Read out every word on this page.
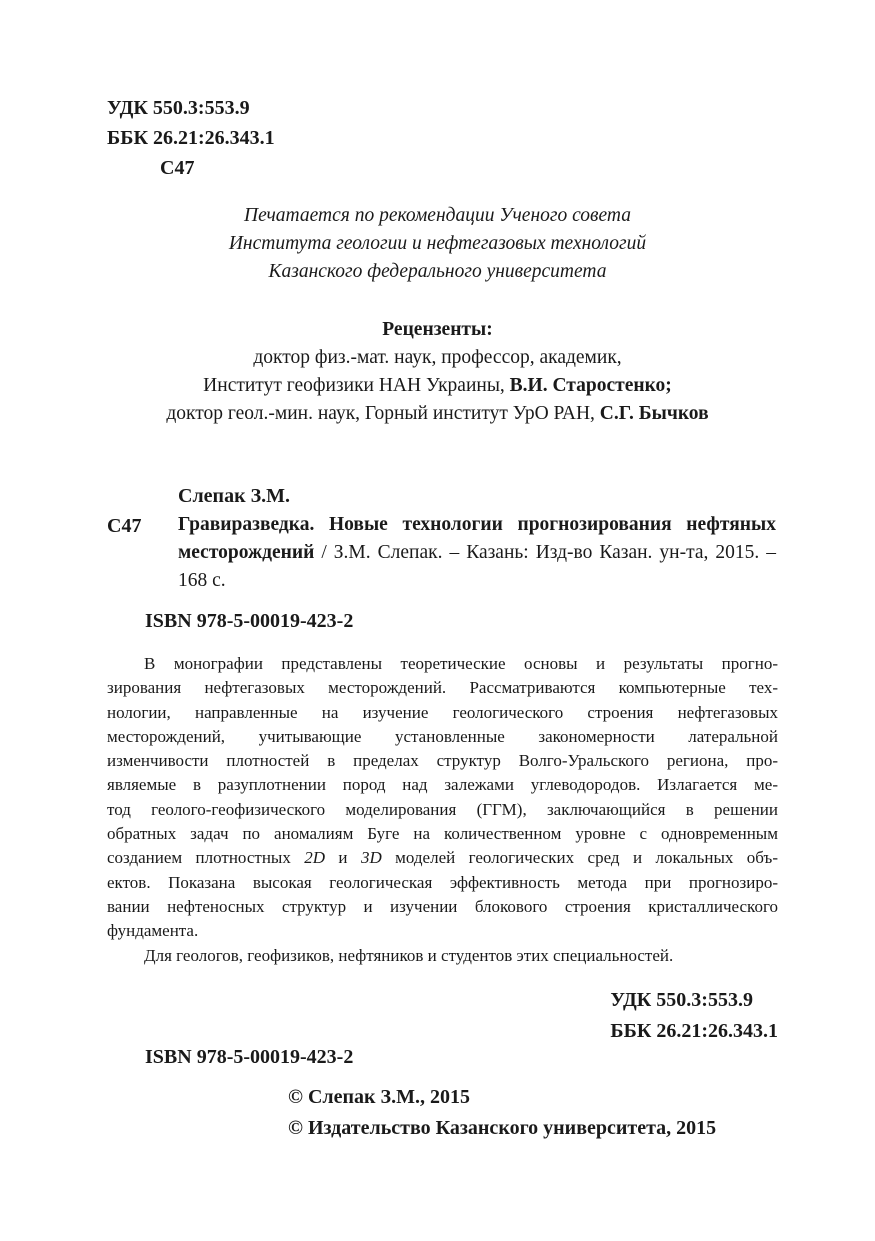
УДК 550.3:553.9
ББК 26.21:26.343.1
С47
Печатается по рекомендации Ученого совета
Института геологии и нефтегазовых технологий
Казанского федерального университета
Рецензенты:
доктор физ.-мат. наук, профессор, академик,
Институт геофизики НАН Украины, В.И. Старостенко;
доктор геол.-мин. наук, Горный институт УрО РАН, С.Г. Бычков
Слепак З.М.
С47 Гравиразведка. Новые технологии прогнозирования нефтяных месторождений / З.М. Слепак. – Казань: Изд-во Казан. ун-та, 2015. – 168 с.
ISBN 978-5-00019-423-2
В монографии представлены теоретические основы и результаты прогно-
зирования нефтегазовых месторождений. Рассматриваются компьютерные тех-
нологии, направленные на изучение геологического строения нефтегазовых
месторождений, учитывающие установленные закономерности латеральной
изменчивости плотностей в пределах структур Волго-Уральского региона, про-
являемые в разуплотнении пород над залежами углеводородов. Излагается ме-
тод геолого-геофизического моделирования (ГГМ), заключающийся в решении
обратных задач по аномалиям Буге на количественном уровне с одновременным
созданием плотностных 2D и 3D моделей геологических сред и локальных объ-
ектов. Показана высокая геологическая эффективность метода при прогнозиро-
вании нефтеносных структур и изучении блокового строения кристаллического
фундамента.
Для геологов, геофизиков, нефтяников и студентов этих специальностей.
УДК 550.3:553.9
ББК 26.21:26.343.1
ISBN 978-5-00019-423-2
© Слепак З.М., 2015
© Издательство Казанского университета, 2015
